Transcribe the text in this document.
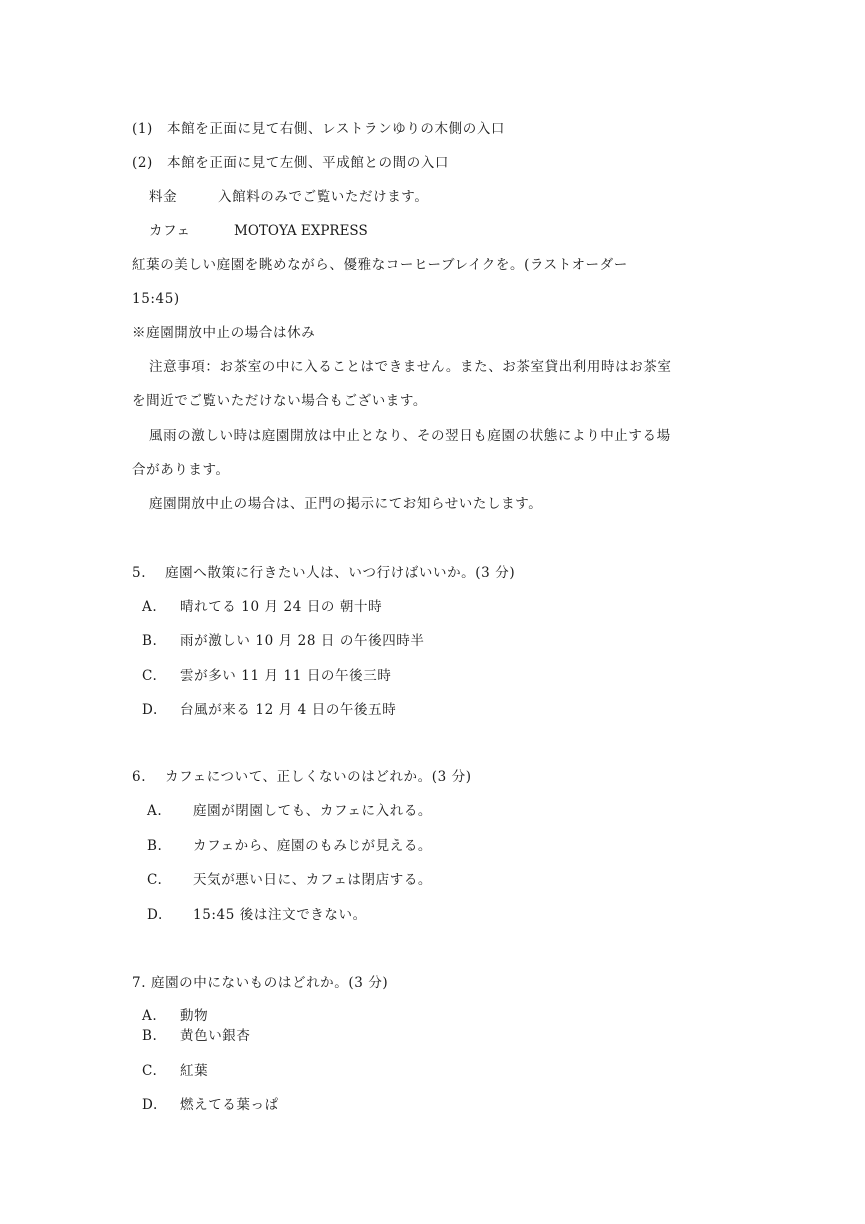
(1)　本館を正面に見て右側、レストランゆりの木側の入口
(2)　本館を正面に見て左側、平成館との間の入口
料金	入館料のみでご覧いただけます。
カフェ	MOTOYA EXPRESS
紅葉の美しい庭園を眺めながら、優雅なコーヒーブレイクを。(ラストオーダー
15:45)
※庭園開放中止の場合は休み
注意事項：お茶室の中に入ることはできません。また、お茶室貸出利用時はお茶室
を間近でご覧いただけない場合もございます。
風雨の激しい時は庭園開放は中止となり、その翌日も庭園の状態により中止する場
合があります。
庭園開放中止の場合は、正門の掲示にてお知らせいたします。
5.　 庭園へ散策に行きたい人は、いつ行けばいいか。(3 分)
A. 晴れてる 10 月 24 日の 朝十時
B. 雨が激しい 10 月 28 日 の午後四時半
C. 雲が多い 11 月 11 日の午後三時
D. 台風が来る 12 月 4 日の午後五時
6.　 カフェについて、正しくないのはどれか。(3 分)
A. 庭園が閉園しても、カフェに入れる。
B. カフェから、庭園のもみじが見える。
C. 天気が悪い日に、カフェは閉店する。
D. 15:45 後は注文できない。
7. 庭園の中にないものはどれか。(3 分)
A. 動物
B. 黄色い銀杏
C. 紅葉
D. 燃えてる葉っぱ
